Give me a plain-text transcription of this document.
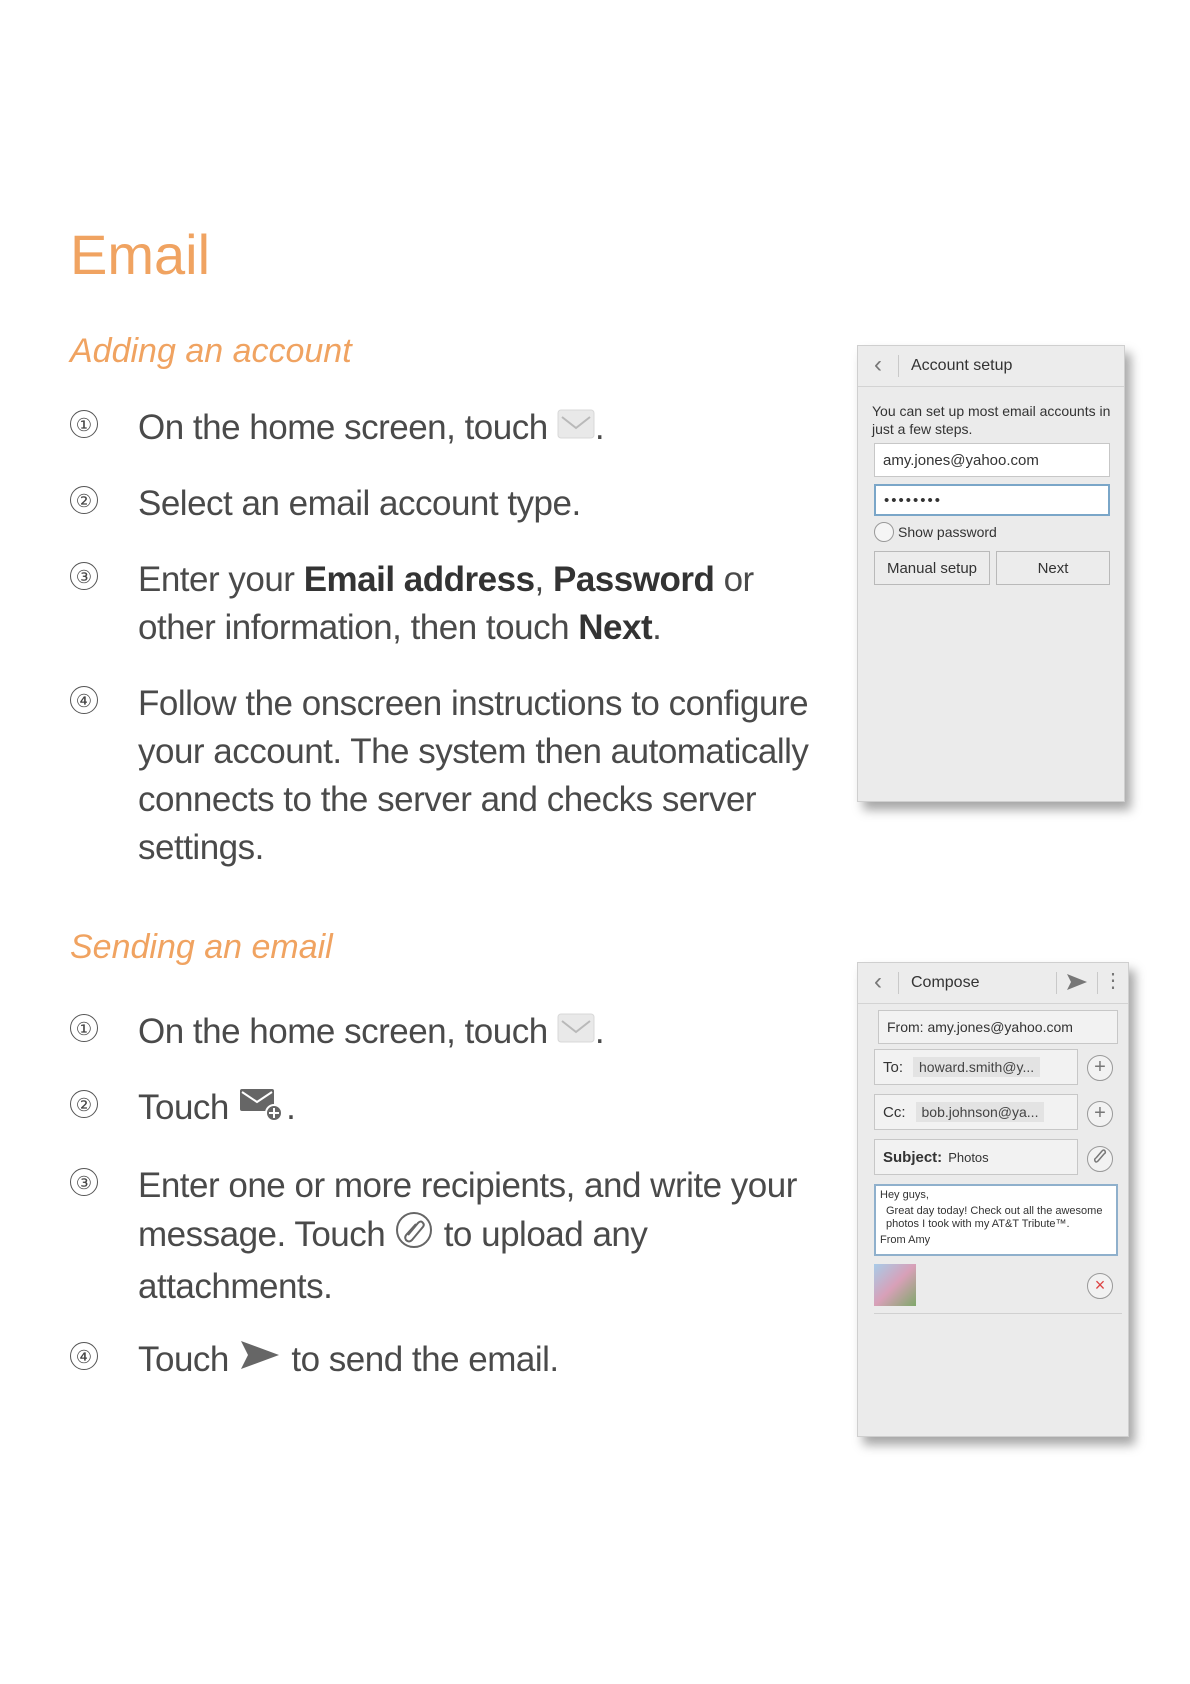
Email
Adding an account
① On the home screen, touch .
② Select an email account type.
③ Enter your Email address, Password or other information, then touch Next.
④ Follow the onscreen instructions to configure your account. The system then automatically connects to the server and checks server settings.
Sending an email
① On the home screen, touch .
② Touch .
③ Enter one or more recipients, and write your message. Touch to upload any attachments.
④ Touch to send the email.
‹	Account setup
You can set up most email accounts in just a few steps.
amy.jones@yahoo.com
••••••••
Show password
Manual setup	Next
‹	Compose	⋮
From: amy.jones@yahoo.com
To:	howard.smith@y...	+
Cc:	bob.johnson@ya...	+
Subject: Photos
Hey guys,
Great day today! Check out all the awesome photos I took with my AT&T Tribute™.
From Amy
×
